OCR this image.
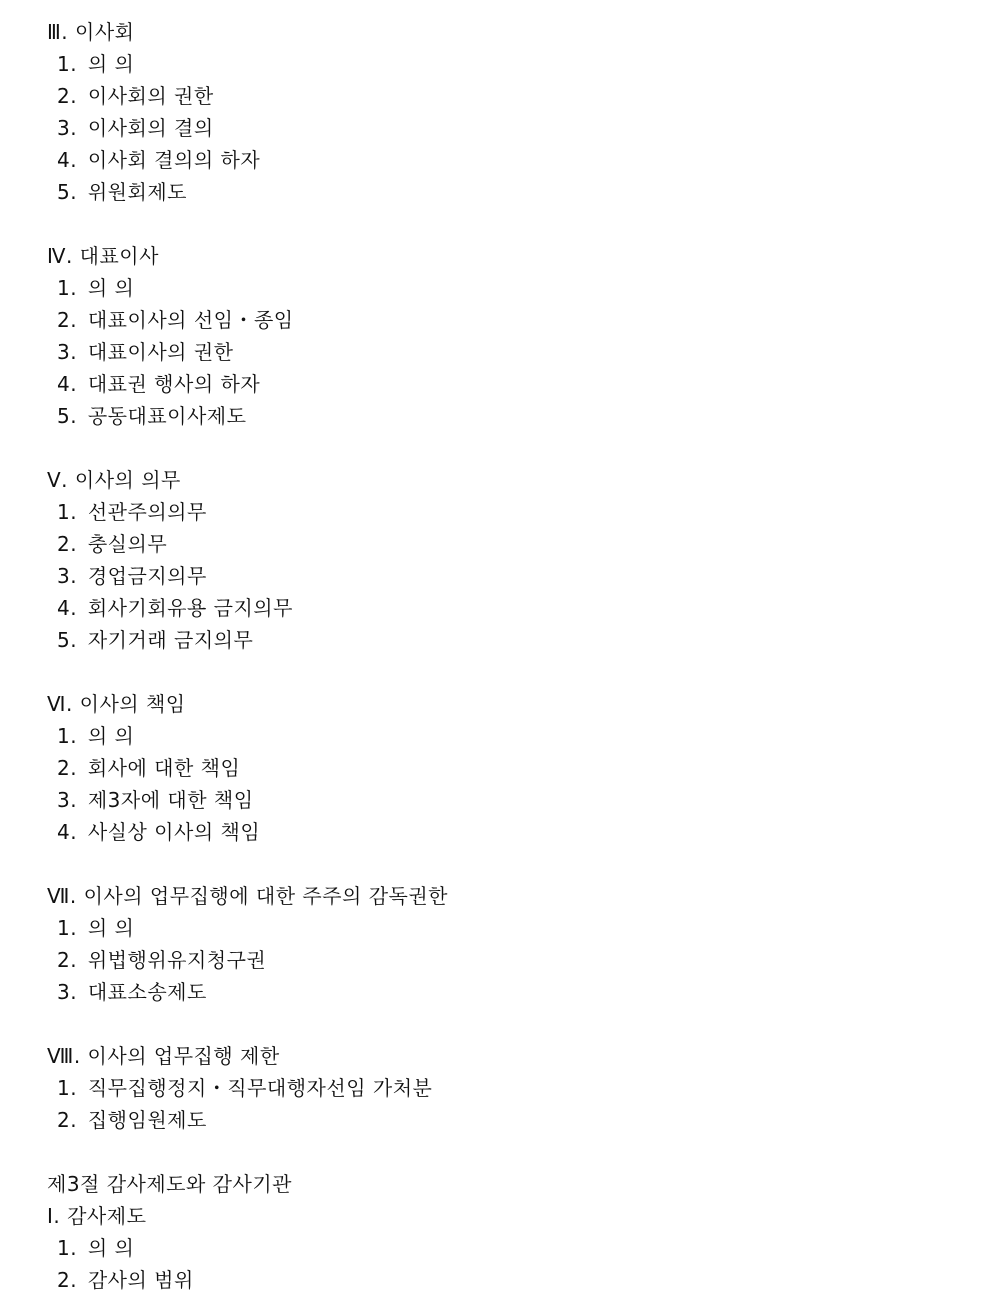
Ⅲ. 이사회
1. 의 의
2. 이사회의 권한
3. 이사회의 결의
4. 이사회 결의의 하자
5. 위원회제도
Ⅳ. 대표이사
1. 의 의
2. 대표이사의 선임・종임
3. 대표이사의 권한
4. 대표권 행사의 하자
5. 공동대표이사제도
Ⅴ. 이사의 의무
1. 선관주의의무
2. 충실의무
3. 경업금지의무
4. 회사기회유용 금지의무
5. 자기거래 금지의무
Ⅵ. 이사의 책임
1. 의 의
2. 회사에 대한 책임
3. 제3자에 대한 책임
4. 사실상 이사의 책임
Ⅶ. 이사의 업무집행에 대한 주주의 감독권한
1. 의 의
2. 위법행위유지청구권
3. 대표소송제도
Ⅷ. 이사의 업무집행 제한
1. 직무집행정지・직무대행자선임 가처분
2. 집행임원제도
제3절 감사제도와 감사기관
Ⅰ. 감사제도
1. 의 의
2. 감사의 범위
